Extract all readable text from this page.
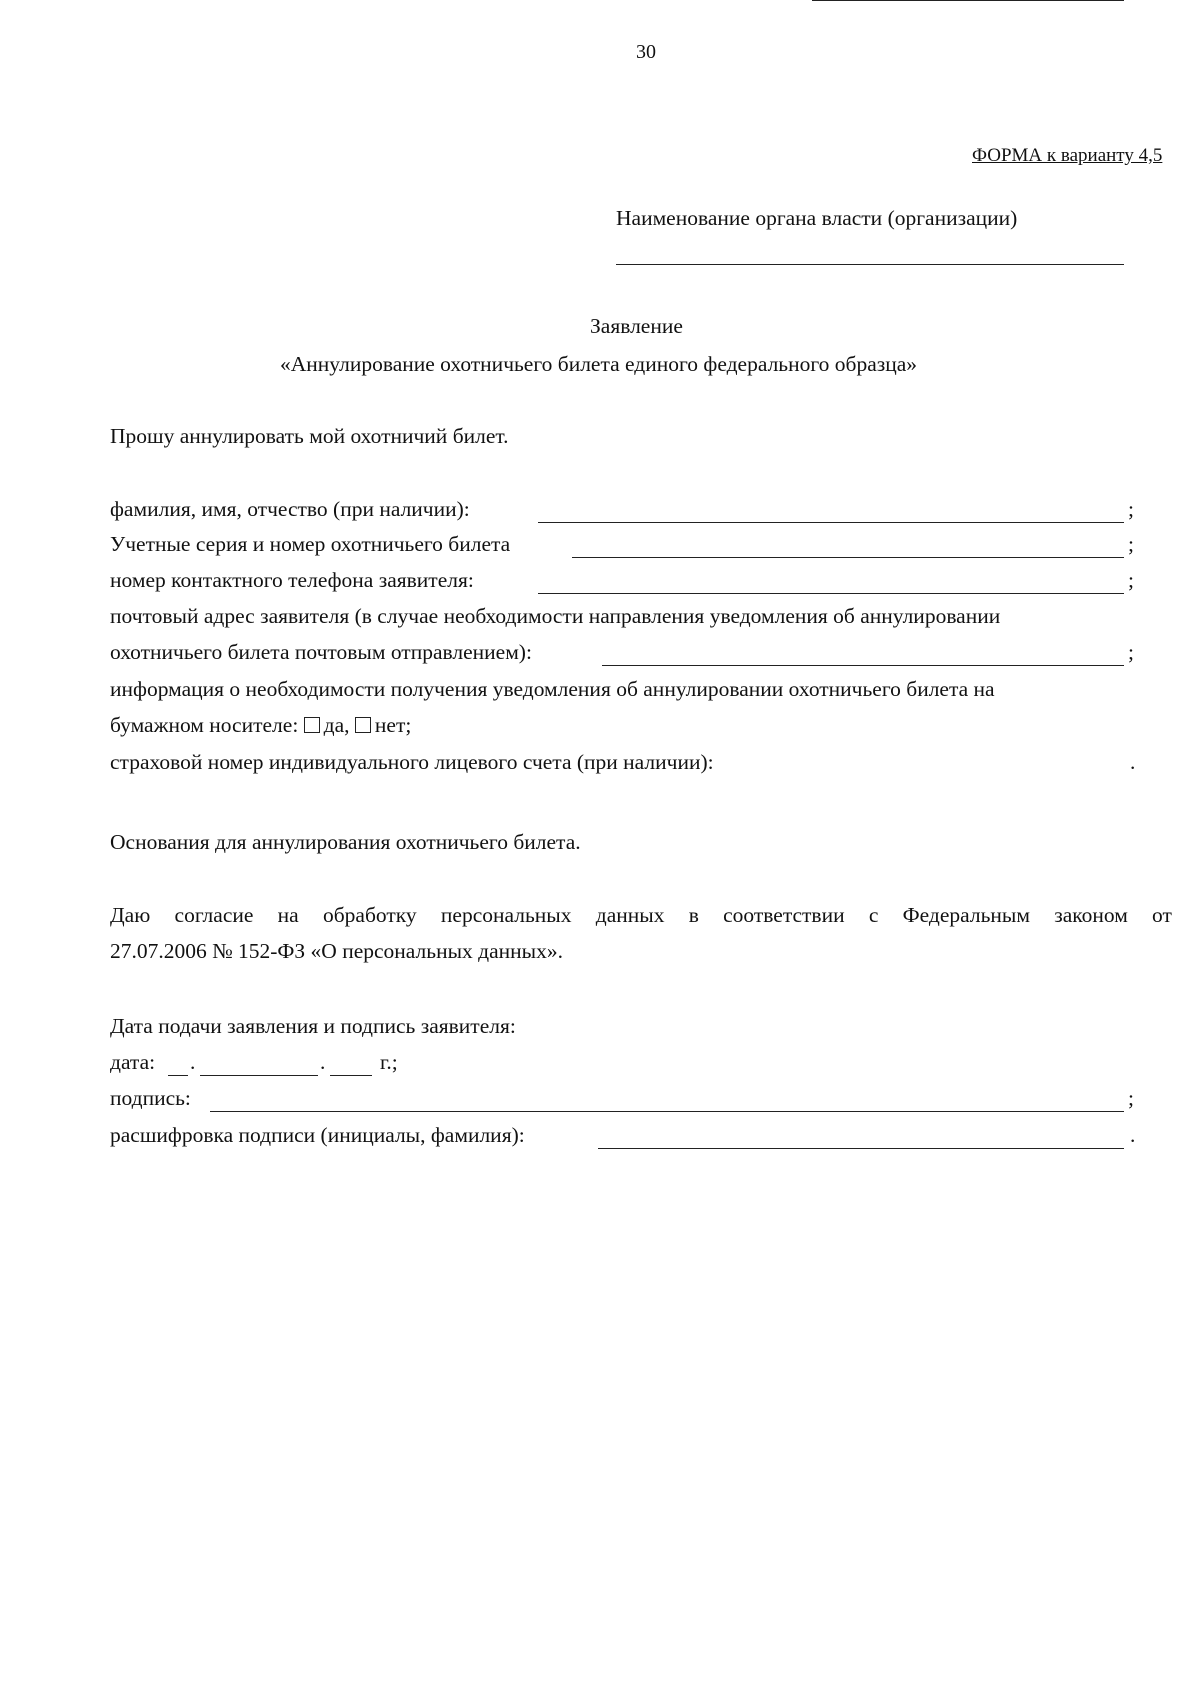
30
ФОРМА к варианту 4,5
Наименование органа власти (организации)
Заявление
«Аннулирование охотничьего билета единого федерального образца»
Прошу аннулировать мой охотничий билет.
фамилия, имя, отчество (при наличии):	;
Учетные серия и номер охотничьего билета	;
номер контактного телефона заявителя:	;
почтовый адрес заявителя (в случае необходимости направления уведомления об аннулировании
охотничьего билета почтовым отправлением):	;
информация о необходимости получения уведомления об аннулировании охотничьего билета на
бумажном носителе: да, нет;
страховой номер индивидуального лицевого счета (при наличии):	.
Основания для аннулирования охотничьего билета.
Даю согласие на обработку персональных данных в соответствии с Федеральным законом от
27.07.2006 № 152-ФЗ «О персональных данных».
Дата подачи заявления и подпись заявителя:
дата: .	.	г.;
подпись:	;
расшифровка подписи (инициалы, фамилия):	.
